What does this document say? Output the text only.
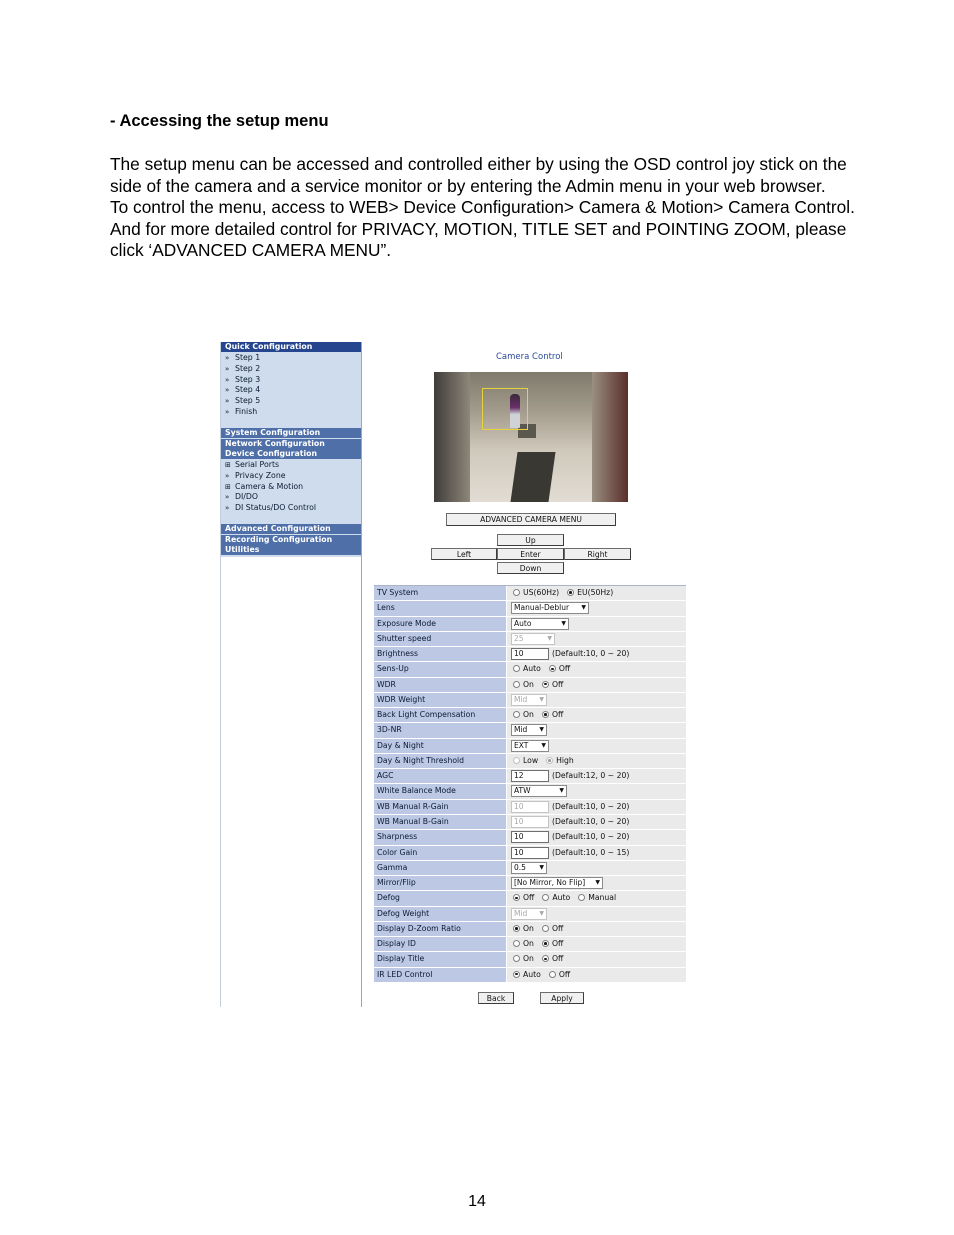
- Accessing the setup menu

The setup menu can be accessed and controlled either by using the OSD control joy stick on the side of the camera and a service monitor or by entering the Admin menu in your web browser.

To control the menu, access to WEB> Device Configuration> Camera & Motion> Camera Control.

And for more detailed control for PRIVACY, MOTION, TITLE SET and POINTING ZOOM, please click ‘ADVANCED CAMERA MENU”.

Quick Configuration
» Step 1
» Step 2
» Step 3
» Step 4
» Step 5
» Finish
System Configuration
Network Configuration
Device Configuration
⊞ Serial Ports
» Privacy Zone
⊞ Camera & Motion
» DI/DO
» DI Status/DO Control
Advanced Configuration
Recording Configuration
Utilities
Camera Control
ADVANCED CAMERA MENU
Up
Left	Enter	Right
Down
TV System	US(60Hz) EU(50Hz)
Lens	Manual-Deblur ▼
Exposure Mode	Auto	▼
Shutter speed	25	▼
Brightness	10	(Default:10, 0 ~ 20)
Sens-Up	Auto Off
WDR	On Off
WDR Weight	Mid ▼
Back Light Compensation	On Off
3D-NR	Mid ▼
Day & Night	EXT ▼
Day & Night Threshold	Low High
AGC	12	(Default:12, 0 ~ 20)
White Balance Mode	ATW	▼
WB Manual R-Gain	10	(Default:10, 0 ~ 20)
WB Manual B-Gain	10	(Default:10, 0 ~ 20)
Sharpness	10	(Default:10, 0 ~ 20)
Color Gain	10	(Default:10, 0 ~ 15)
Gamma	0.5 ▼
Mirror/Flip	[No Mirror, No Flip] ▼
Defog	Off Auto Manual
Defog Weight	Mid ▼
Display D-Zoom Ratio	On Off
Display ID	On Off
Display Title	On Off
IR LED Control	Auto Off
Back	Apply
14
